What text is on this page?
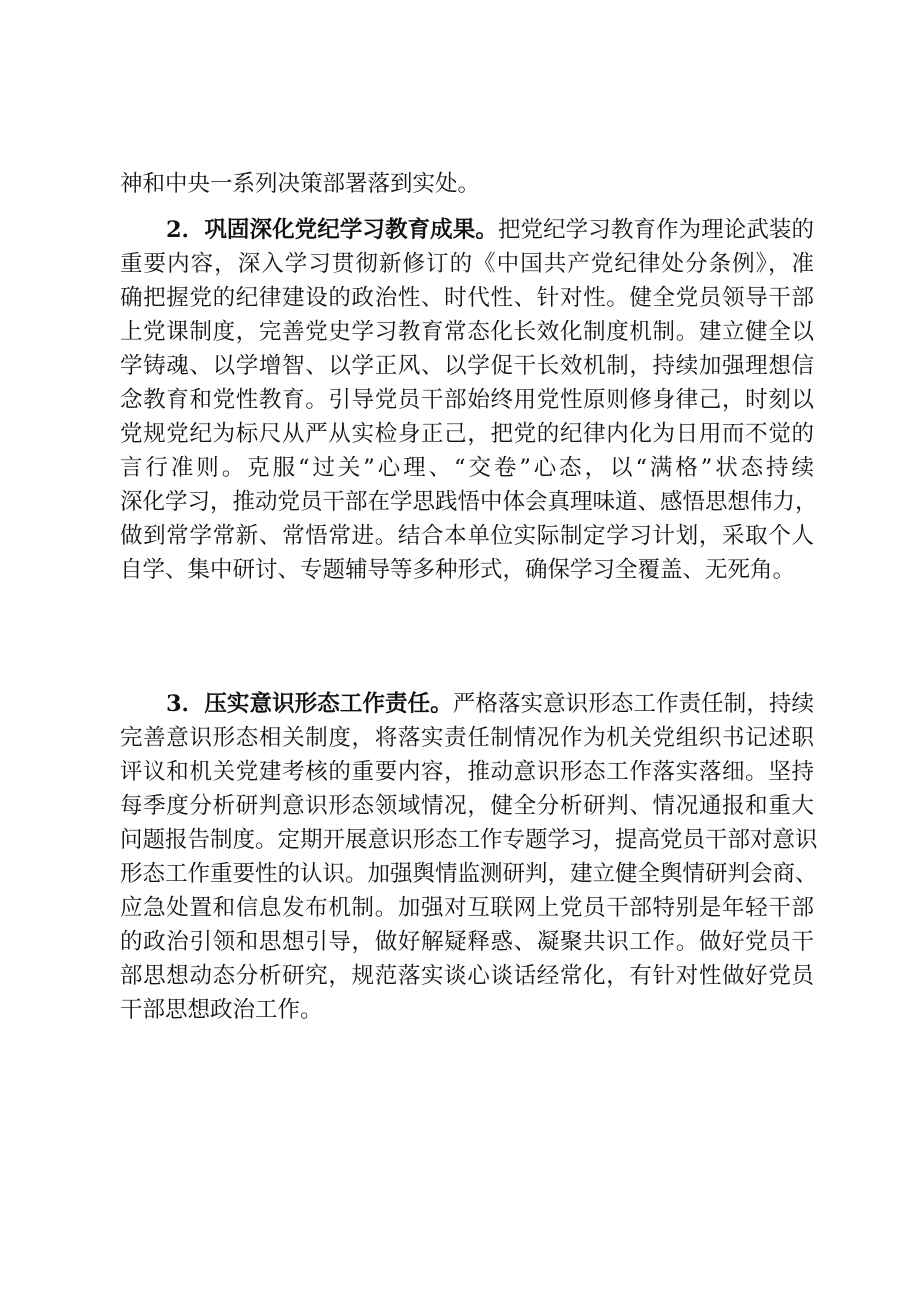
神和中央一系列决策部署落到实处。
2．巩固深化党纪学习教育成果。把党纪学习教育作为理论武装的
重要内容，深入学习贯彻新修订的《中国共产党纪律处分条例》，准
确把握党的纪律建设的政治性、时代性、针对性。健全党员领导干部
上党课制度，完善党史学习教育常态化长效化制度机制。建立健全以
学铸魂、以学增智、以学正风、以学促干长效机制，持续加强理想信
念教育和党性教育。引导党员干部始终用党性原则修身律己，时刻以
党规党纪为标尺从严从实检身正己，把党的纪律内化为日用而不觉的
言行准则。克服“过关”心理、“交卷”心态，以“满格”状态持续
深化学习，推动党员干部在学思践悟中体会真理味道、感悟思想伟力，
做到常学常新、常悟常进。结合本单位实际制定学习计划，采取个人
自学、集中研讨、专题辅导等多种形式，确保学习全覆盖、无死角。
3．压实意识形态工作责任。严格落实意识形态工作责任制，持续
完善意识形态相关制度，将落实责任制情况作为机关党组织书记述职
评议和机关党建考核的重要内容，推动意识形态工作落实落细。坚持
每季度分析研判意识形态领域情况，健全分析研判、情况通报和重大
问题报告制度。定期开展意识形态工作专题学习，提高党员干部对意识
形态工作重要性的认识。加强舆情监测研判，建立健全舆情研判会商、
应急处置和信息发布机制。加强对互联网上党员干部特别是年轻干部
的政治引领和思想引导，做好解疑释惑、凝聚共识工作。做好党员干
部思想动态分析研究，规范落实谈心谈话经常化，有针对性做好党员
干部思想政治工作。
